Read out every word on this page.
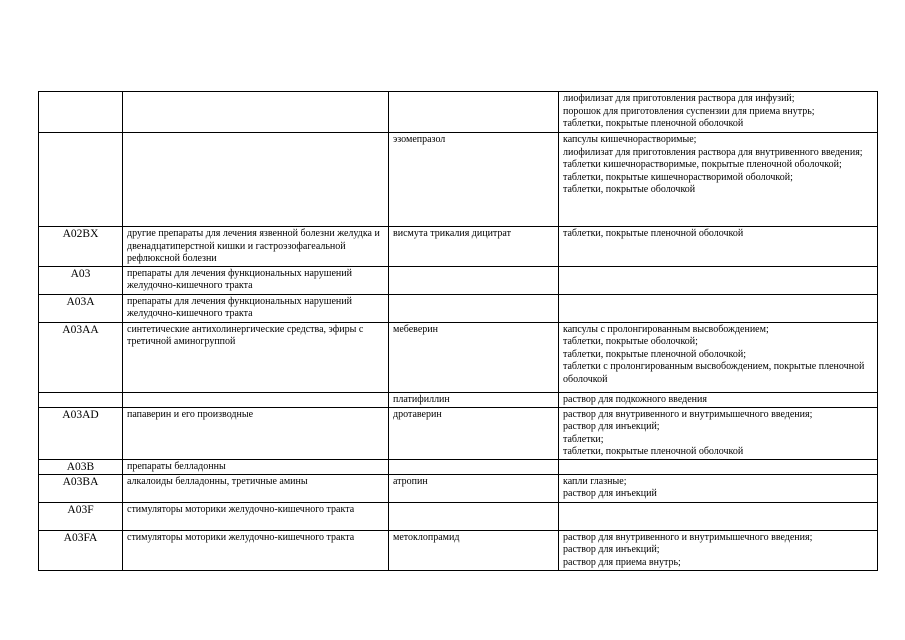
			лиофилизат для приготовления раствора для инфузий;
порошок для приготовления суспензии для приема внутрь;
таблетки, покрытые пленочной оболочкой

		эзомепразол	капсулы кишечнорастворимые;
лиофилизат для приготовления раствора для внутривенного введения;
таблетки кишечнорастворимые, покрытые пленочной оболочкой;
таблетки, покрытые кишечнорастворимой оболочкой;
таблетки, покрытые оболочкой

A02BX	другие препараты для лечения язвенной болезни желудка и двенадцатиперстной кишки и гастроэзофагеальной рефлюксной болезни	висмута трикалия дицитрат	таблетки, покрытые пленочной оболочкой

A03	препараты для лечения функциональных нарушений желудочно-кишечного тракта		
A03A	препараты для лечения функциональных нарушений желудочно-кишечного тракта		
A03AA	синтетические антихолинергические средства, эфиры с третичной аминогруппой	мебеверин	капсулы с пролонгированным высвобождением;
таблетки, покрытые оболочкой;
таблетки, покрытые пленочной оболочкой;
таблетки с пролонгированным высвобождением, покрытые пленочной оболочкой

		платифиллин	раствор для подкожного введения

A03AD	папаверин и его производные	дротаверин	раствор для внутривенного и внутримышечного введения;
раствор для инъекций;
таблетки;
таблетки, покрытые пленочной оболочкой

A03B	препараты белладонны		
A03BA	алкалоиды белладонны, третичные амины	атропин	капли глазные;
раствор для инъекций

A03F	стимуляторы моторики желудочно-кишечного тракта		
A03FA	стимуляторы моторики желудочно-кишечного тракта	метоклопрамид	раствор для внутривенного и внутримышечного введения;
раствор для инъекций;
раствор для приема внутрь;
